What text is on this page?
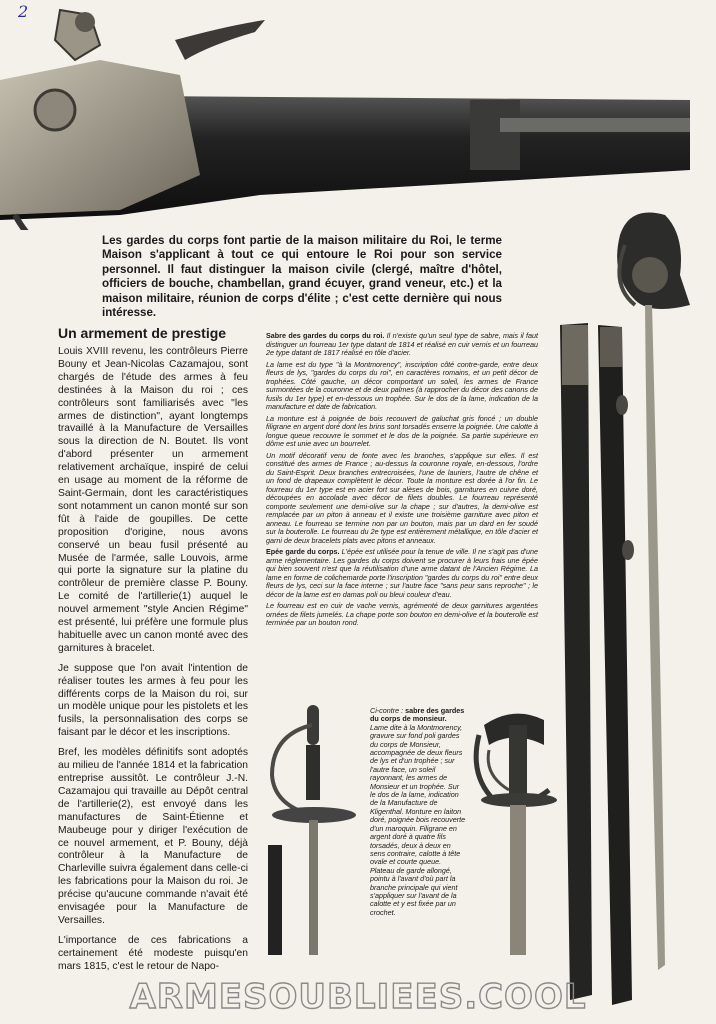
2
Les gardes du corps font partie de la maison militaire du Roi, le terme Maison s'applicant à tout ce qui entoure le Roi pour son service personnel. Il faut distinguer la maison civile (clergé, maître d'hôtel, officiers de bouche, chambellan, grand écuyer, grand veneur, etc.) et la maison militaire, réunion de corps d'élite ; c'est cette dernière qui nous intéresse.
Un armement de prestige

Louis XVIII revenu, les contrôleurs Pierre Bouny et Jean-Nicolas Cazamajou, sont chargés de l'étude des armes à feu destinées à la Maison du roi ; ces contrôleurs sont familiarisés avec "les armes de distinction", ayant longtemps travaillé à la Manufacture de Versailles sous la direction de N. Boutet. Ils vont d'abord présenter un armement relativement archaïque, inspiré de celui en usage au moment de la réforme de Saint-Germain, dont les caractéristiques sont notamment un canon monté sur son fût à l'aide de goupilles. De cette proposition d'origine, nous avons conservé un beau fusil présenté au Musée de l'armée, salle Louvois, arme qui porte la signature sur la platine du contrôleur de première classe P. Bouny. Le comité de l'artillerie(1) auquel le nouvel armement "style Ancien Régime" est présenté, lui préfère une formule plus habituelle avec un canon monté avec des garnitures à bracelet.

Je suppose que l'on avait l'intention de réaliser toutes les armes à feu pour les différents corps de la Maison du roi, sur un modèle unique pour les pistolets et les fusils, la personnalisation des corps se faisant par le décor et les inscriptions.

Bref, les modèles définitifs sont adoptés au milieu de l'année 1814 et la fabrication entreprise aussitôt. Le contrôleur J.-N. Cazamajou qui travaille au Dépôt central de l'artillerie(2), est envoyé dans les manufactures de Saint-Étienne et Maubeuge pour y diriger l'exécution de ce nouvel armement, et P. Bouny, déjà contrôleur à la Manufacture de Charleville suivra également dans celle-ci les fabrications pour la Maison du roi. Je précise qu'aucune commande n'avait été envisagée pour la Manufacture de Versailles.

L'importance de ces fabrications a certainement été modeste puisqu'en mars 1815, c'est le retour de Napo-

Sabre des gardes du corps du roi. Il n'existe qu'un seul type de sabre, mais il faut distinguer un fourreau 1er type datant de 1814 et réalisé en cuir vernis et un fourreau 2e type datant de 1817 réalisé en tôle d'acier.

La lame est du type "à la Montmorency", inscription côté contre-garde, entre deux fleurs de lys, "gardes du corps du roi", en caractères romains, et un petit décor de trophées. Côté gauche, un décor comportant un soleil, les armes de France surmontées de la couronne et de deux palmes (à rapprocher du décor des canons de fusils du 1er type) et en-dessous un trophée. Sur le dos de la lame, indication de la manufacture et date de fabrication.

La monture est à poignée de bois recouvert de galuchat gris foncé ; un double filigrane en argent doré dont les brins sont torsadés enserre la poignée. Une calotte à longue queue recouvre le sommet et le dos de la poignée. Sa partie supérieure en dôme est unie avec un bourrelet.

Un motif décoratif venu de fonte avec les branches, s'applique sur elles. Il est constitué des armes de France ; au-dessus la couronne royale, en-dessous, l'ordre du Saint-Esprit. Deux branches entrecroisées, l'une de lauriers, l'autre de chêne et un fond de drapeaux complètent le décor. Toute la monture est dorée à l'or fin. Le fourreau du 1er type est en acier fort sur alèses de bois, garnitures en cuivre doré, découpées en accolade avec décor de filets doubles. Le fourreau représenté comporte seulement une demi-olive sur la chape ; sur d'autres, la demi-olive est remplacée par un piton à anneau et il existe une troisième garniture avec piton et anneau. Le fourreau se termine non par un bouton, mais par un dard en fer soudé sur la bouterolle. Le fourreau du 2e type est entièrement métallique, en tôle d'acier et garni de deux bracelets plats avec pitons et anneaux.

Epée garde du corps. L'épée est utilisée pour la tenue de ville. Il ne s'agit pas d'une arme réglementaire. Les gardes du corps doivent se procurer à leurs frais une épée qui bien souvent n'est que la réutilisation d'une arme datant de l'Ancien Régime. La lame en forme de colichemarde porte l'inscription "gardes du corps du roi" entre deux fleurs de lys, ceci sur la face interne ; sur l'autre face "sans peur sans reproche" ; le décor de la lame est en damas poli ou bleui couleur d'eau.

Le fourreau est en cuir de vache vernis, agrémenté de deux garnitures argentées ornées de filets jumelés. La chape porte son bouton en demi-olive et la bouterolle est terminée par un bouton rond.

Ci-contre : sabre des gardes du corps de monsieur. Lame dite à la Montmorency, gravure sur fond poli gardes du corps de Monsieur, accompagnée de deux fleurs de lys et d'un trophée ; sur l'autre face, un soleil rayonnant, les armes de Monsieur et un trophée. Sur le dos de la lame, indication de la Manufacture de Kligenthal. Monture en laiton doré, poignée bois recouverte d'un maroquin. Filigrane en argent doré à quatre fils torsadés, deux à deux en sens contraire, calotte à tête ovale et courte queue. Plateau de garde allongé, pointu à l'avant d'où part la branche principale qui vient s'appliquer sur l'avant de la calotte et y est fixée par un crochet.
ARMESOUBLIEES.COOL
